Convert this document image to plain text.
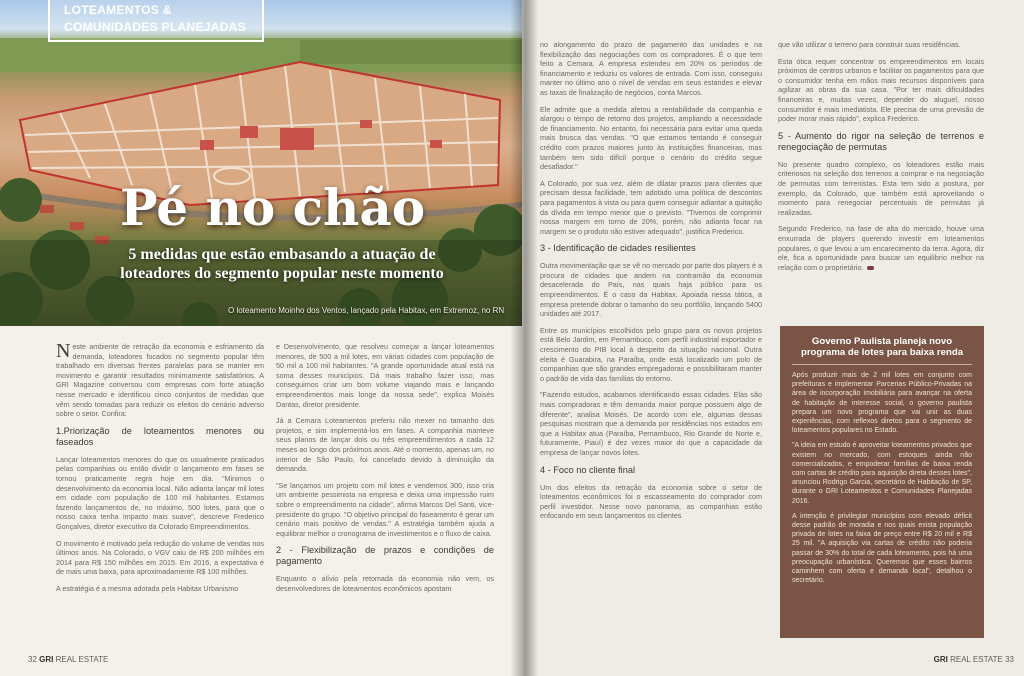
LOTEAMENTOS &
COMUNIDADES PLANEJADAS
Pé no chão
5 medidas que estão embasando a atuação de loteadores do segmento popular neste momento
O loteamento Moinho dos Ventos, lançado pela Habitax, em Extremoz, no RN

Neste ambiente de retração da economia e esfriamento da demanda, loteadores focados no segmento popular têm trabalhado em diversas frentes paralelas para se manter em movimento e garantir resultados minimamente satisfatórios. A GRI Magazine conversou com empresas com forte atuação nesse mercado e identificou cinco conjuntos de medidas que vêm sendo tomadas para reduzir os efeitos do cenário adverso sobre o setor. Confira:

1.Priorização de loteamentos menores ou faseados

Lançar loteamentos menores do que os usualmente praticados pelas companhias ou então dividir o lançamento em fases se tornou praticamente regra hoje em dia. "Minimos o desenvolvimento da economia local. Não adianta lançar mil lotes em cidade com população de 100 mil habitantes. Estamos fazendo lançamentos de, no máximo, 500 lotes, para que o nosso caixa tenha impacto mais suave", descreve Frederico Gonçalves, diretor executivo da Colorado Empreendimentos.

O movimento é motivado pela redução do volume de vendas nos últimos anos. Na Colorado, o VGV caiu de R$ 200 milhões em 2014 para R$ 150 milhões em 2015. Em 2016, a expectativa é de mais uma baixa, para aproximadamente R$ 100 milhões.

A estratégia é a mesma adotada pela Habitax Urbanismo

e Desenvolvimento, que resolveu começar a lançar loteamentos menores, de 500 a mil lotes, em várias cidades com população de 50 mil a 100 mil habitantes. "A grande oportunidade atual está na soma desses municípios. Dá mais trabalho fazer isso, mas conseguimos criar um bom volume viajando mais e lançando empreendimentos mais longe da nossa sede", explica Moisés Dantas, diretor presidente.

Já a Cemara Loteamentos preferiu não mexer no tamanho dos projetos, e sim implementá-los em fases. A companhia manteve seus planos de lançar dois ou três empreendimentos a cada 12 meses ao longo dos próximos anos. Até o momento, apenas um, no interior de São Paulo, foi cancelado devido à diminuição da demanda.

"Se lançamos um projeto com mil lotes e vendemos 300, isso cria um ambiente pessimista na empresa e deixa uma impressão ruim sobre o empreendimento na cidade", afirma Marcos Del Santi, vice-presidente do grupo. "O objetivo principal do faseamento é gerar um cenário mais positivo de vendas." A estratégia também ajuda a equilibrar melhor o cronograma de investimentos e o fluxo de caixa.

2 - Flexibilização de prazos e condições de pagamento

Enquanto o alívio pela retomada da economia não vem, os desenvolvedores de loteamentos econômicos apostam

32 GRI REAL ESTATE

no alongamento do prazo de pagamento das unidades e na flexibilização das negociações com os compradores. É o que tem feito a Cemara. A empresa estendeu em 20% os períodos de financiamento e reduziu os valores de entrada. Com isso, conseguiu manter no último ano o nível de vendas em seus estandes e elevar as taxas de finalização de negócios, conta Marcos.

Ele admite que a medida afetou a rentabilidade da companhia e alargou o tempo de retorno dos projetos, ampliando a necessidade de financiamento. No entanto, foi necessária para evitar uma queda mais brusca das vendas. "O que estamos tentando é conseguir crédito com prazos maiores junto às instituições financeiras, mas também tem sido difícil porque o cenário do crédito segue desafiador."

A Colorado, por sua vez, além de dilatar prazos para clientes que precisam dessa facilidade, tem adotado uma política de descontos para pagamentos à vista ou para quem conseguir adiantar a quitação da dívida em tempo menor que o previsto. "Tivemos de comprimir nossa margem em torno de 20%, porém, não adianta focar na margem se o produto não estiver adequado", justifica Frederico.

3 - Identificação de cidades resilientes

Outra movimentação que se vê no mercado por parte dos players é a procura de cidades que andem na contramão da economia desacelerada do País, nas quais haja público para os empreendimentos. É o caso da Habitax. Apoiada nessa tática, a empresa pretende dobrar o tamanho do seu portfólio, lançando 5400 unidades até 2017.

Entre os municípios escolhidos pelo grupo para os novos projetos está Belo Jardim, em Pernambuco, com perfil industrial exportador e crescimento do PIB local à despeito da situação nacional. Outra eleita é Guarabira, na Paraíba, onde está localizado um polo de companhias que são grandes empregadoras e possibilitaram manter o padrão de vida das famílias do entorno.

"Fazendo estudos, acabamos identificando essas cidades. Elas são mais compradoras e têm demanda maior porque possuem algo de diferente", analisa Moisés. De acordo com ele, algumas dessas pesquisas mostram que a demanda por residências nos estados em que a Habitax atua (Paraíba, Pernambuco, Rio Grande do Norte e, futuramente, Piauí) é dez vezes maior do que a capacidade da empresa de lançar novos lotes.

4 - Foco no cliente final

Um dos efeitos da retração da economia sobre o setor de loteamentos econômicos foi o escasseamento do comprador com perfil investidor. Nesse novo panorama, as companhias estão enfocando em seus lançamentos os clientes

que vão utilizar o terreno para construir suas residências.

Esta ótica requer concentrar os empreendimentos em locais próximos de centros urbanos e facilitar os pagamentos para que o consumidor tenha em mãos mais recursos disponíveis para agilizar as obras da sua casa. "Por ter mais dificuldades financeiras e, muitas vezes, depender do aluguel, nosso consumidor é mais imediatista. Ele precisa de uma previsão de poder morar mais rápido", explica Frederico.

5 - Aumento do rigor na seleção de terrenos e renegociação de permutas

No presente quadro complexo, os loteadores estão mais criteriosos na seleção dos terrenos a comprar e na negociação de permutas com terrenistas. Esta tem sido a postura, por exemplo, da Colorado, que também está aproveitando o momento para renegociar percentuais de permutas já realizadas.

Segundo Frederico, na fase de alta do mercado, houve uma enxurrada de players querendo investir em loteamentos populares, o que levou a um encarecimento da terra. Agora, diz ele, fica a oportunidade para buscar um equilíbrio melhor na relação com o proprietário.

Governo Paulista planeja novo programa de lotes para baixa renda

Após produzir mais de 2 mil lotes em conjunto com prefeituras e implementar Parcerias Público-Privadas na área de incorporação imobiliária para avançar na oferta de habitação de interesse social, o governo paulista prepara um novo programa que vai unir as duas experiências, com reflexos diretos para o segmento de loteamentos populares no Estado.

"A ideia em estudo é aproveitar loteamentos privados que existem no mercado, com estoques ainda não comercializados, e empoderar famílias de baixa renda com cartas de crédito para aquisição direta desses lotes", anunciou Rodrigo Garcia, secretário de Habitação de SP, durante o GRI Loteamentos e Comunidades Planejadas 2016.

A intenção é privilegiar municípios com elevado déficit desse padrão de moradia e nos quais exista população privada de lotes na faixa de preço entre R$ 20 mil e R$ 25 mil. "A aquisição via cartas de crédito não poderia passar de 30% do total de cada loteamento, pois há uma preocupação urbanística. Queremos que esses bairros caminhem com oferta e demanda local", detalhou o secretário.

GRI REAL ESTATE 33
